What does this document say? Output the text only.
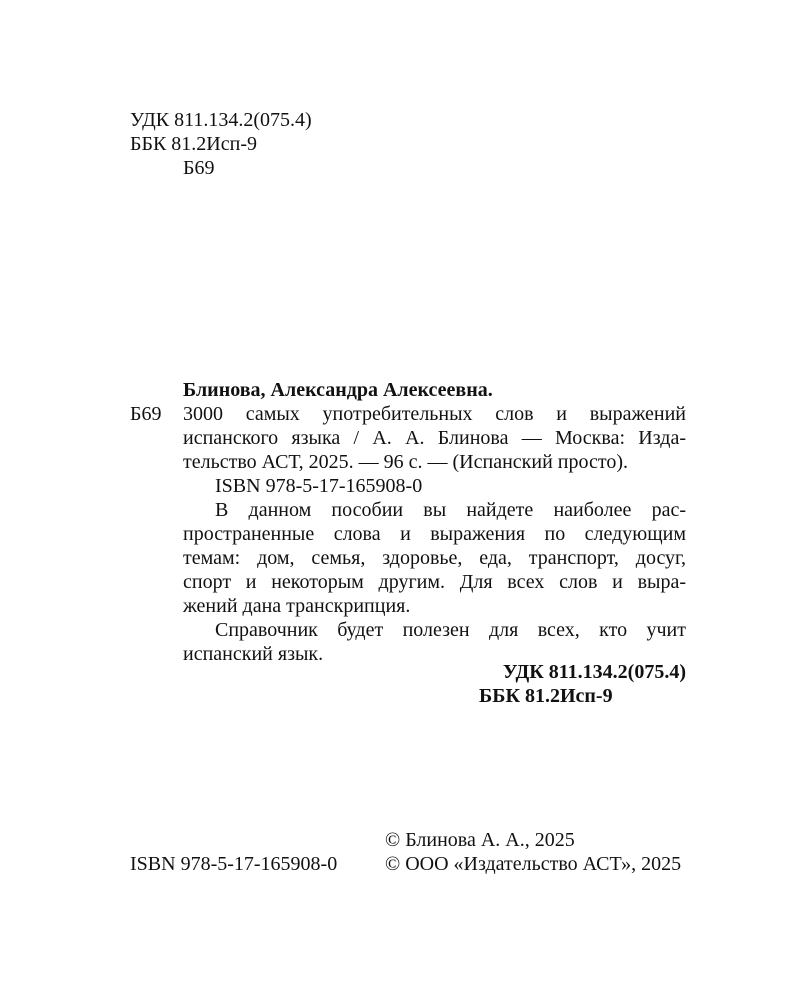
УДК 811.134.2(075.4)

ББК 81.2Исп-9

Б69

Блинова, Александра Алексеевна.

Б69 3000 самых употребительных слов и выражений
испанского языка / А. А. Блинова — Москва: Изда-
тельство АСТ, 2025. — 96 с. — (Испанский просто).
ISBN 978-5-17-165908-0
В данном пособии вы найдете наиболее рас-
пространенные слова и выражения по следующим
темам: дом, семья, здоровье, еда, транспорт, досуг,
спорт и некоторым другим. Для всех слов и выра-
жений дана транскрипция.
Справочник будет полезен для всех, кто учит
испанский язык.

УДК 811.134.2(075.4)

ББК 81.2Исп-9

ISBN 978-5-17-165908-0

© Блинова А. А., 2025

© ООО «Издательство АСТ», 2025
